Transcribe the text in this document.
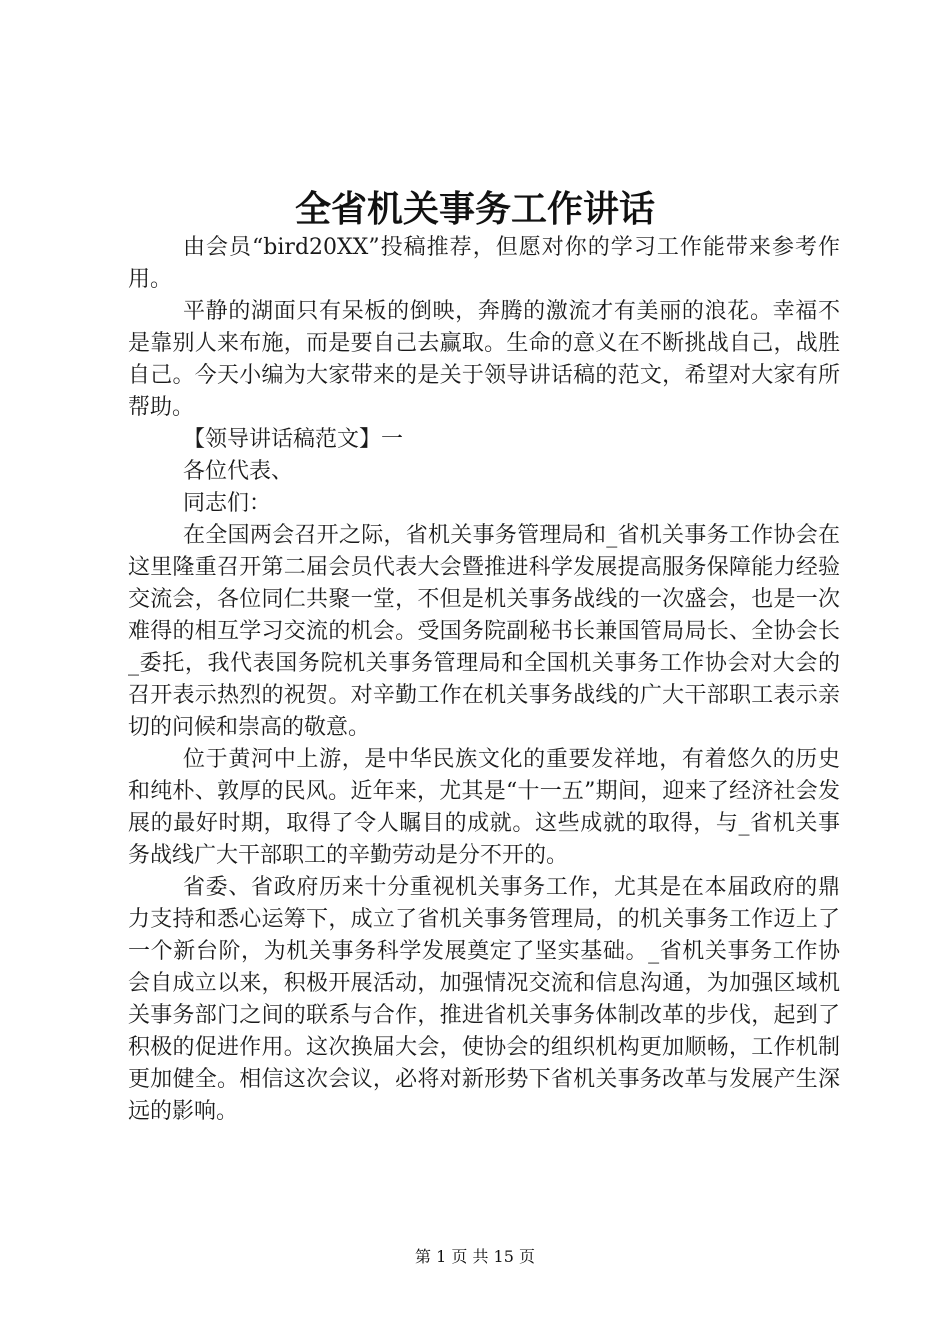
全省机关事务工作讲话

由会员“bird20XX”投稿推荐，但愿对你的学习工作能带来参考作用。

平静的湖面只有呆板的倒映，奔腾的激流才有美丽的浪花。幸福不是靠别人来布施，而是要自己去赢取。生命的意义在不断挑战自己，战胜自己。今天小编为大家带来的是关于领导讲话稿的范文，希望对大家有所帮助。

【领导讲话稿范文】一

各位代表、

同志们：

在全国两会召开之际，省机关事务管理局和_省机关事务工作协会在这里隆重召开第二届会员代表大会暨推进科学发展提高服务保障能力经验交流会，各位同仁共聚一堂，不但是机关事务战线的一次盛会，也是一次难得的相互学习交流的机会。受国务院副秘书长兼国管局局长、全协会长_委托，我代表国务院机关事务管理局和全国机关事务工作协会对大会的召开表示热烈的祝贺。对辛勤工作在机关事务战线的广大干部职工表示亲切的问候和崇高的敬意。

位于黄河中上游，是中华民族文化的重要发祥地，有着悠久的历史和纯朴、敦厚的民风。近年来，尤其是“十一五”期间，迎来了经济社会发展的最好时期，取得了令人瞩目的成就。这些成就的取得，与_省机关事务战线广大干部职工的辛勤劳动是分不开的。

省委、省政府历来十分重视机关事务工作，尤其是在本届政府的鼎力支持和悉心运筹下，成立了省机关事务管理局，的机关事务工作迈上了一个新台阶，为机关事务科学发展奠定了坚实基础。_省机关事务工作协会自成立以来，积极开展活动，加强情况交流和信息沟通，为加强区域机关事务部门之间的联系与合作，推进省机关事务体制改革的步伐，起到了积极的促进作用。这次换届大会，使协会的组织机构更加顺畅，工作机制更加健全。相信这次会议，必将对新形势下省机关事务改革与发展产生深远的影响。

第 1 页 共 15 页
